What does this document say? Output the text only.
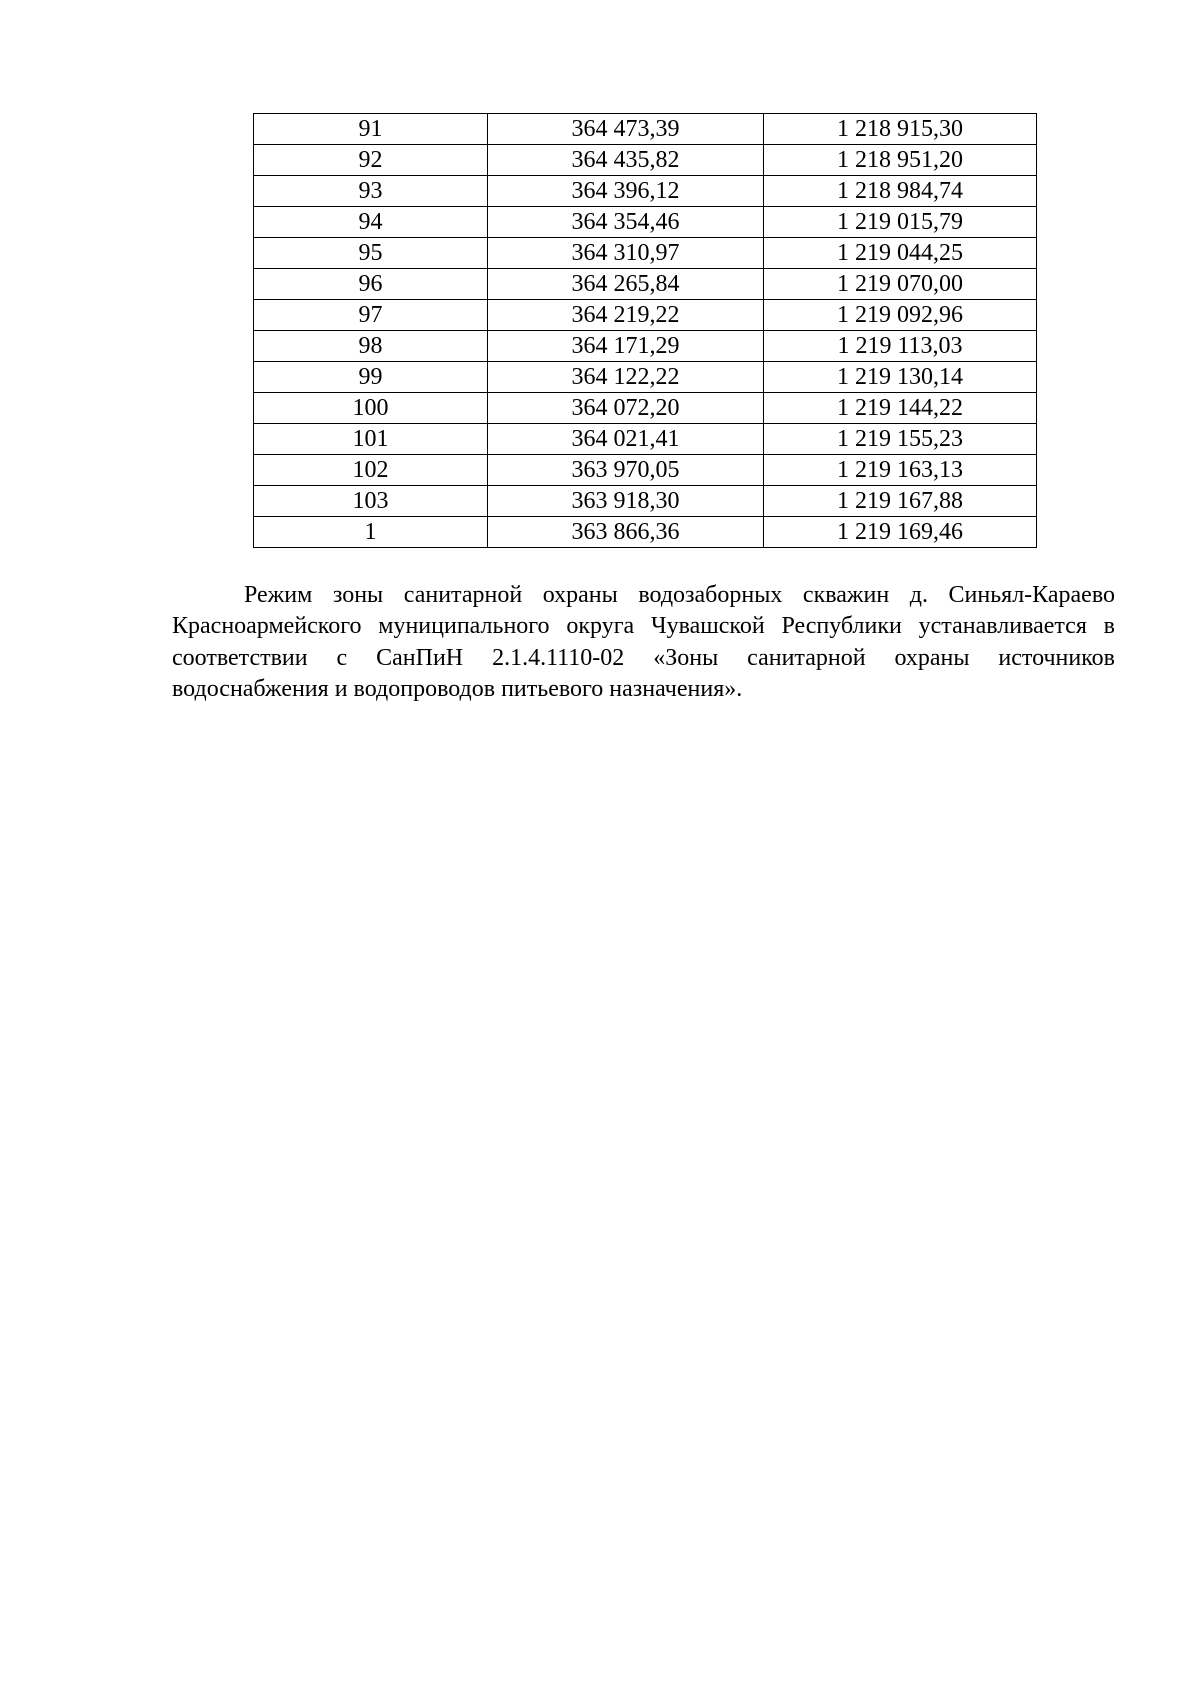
91	364 473,39	1 218 915,30
92	364 435,82	1 218 951,20
93	364 396,12	1 218 984,74
94	364 354,46	1 219 015,79
95	364 310,97	1 219 044,25
96	364 265,84	1 219 070,00
97	364 219,22	1 219 092,96
98	364 171,29	1 219 113,03
99	364 122,22	1 219 130,14
100	364 072,20	1 219 144,22
101	364 021,41	1 219 155,23
102	363 970,05	1 219 163,13
103	363 918,30	1 219 167,88
1	363 866,36	1 219 169,46

Режим зоны санитарной охраны водозаборных скважин д. Синьял-Караево Красноармейского муниципального округа Чувашской Республики устанавливается в соответствии с СанПиН 2.1.4.1110-02 «Зоны санитарной охраны источников водоснабжения и водопроводов питьевого назначения».
